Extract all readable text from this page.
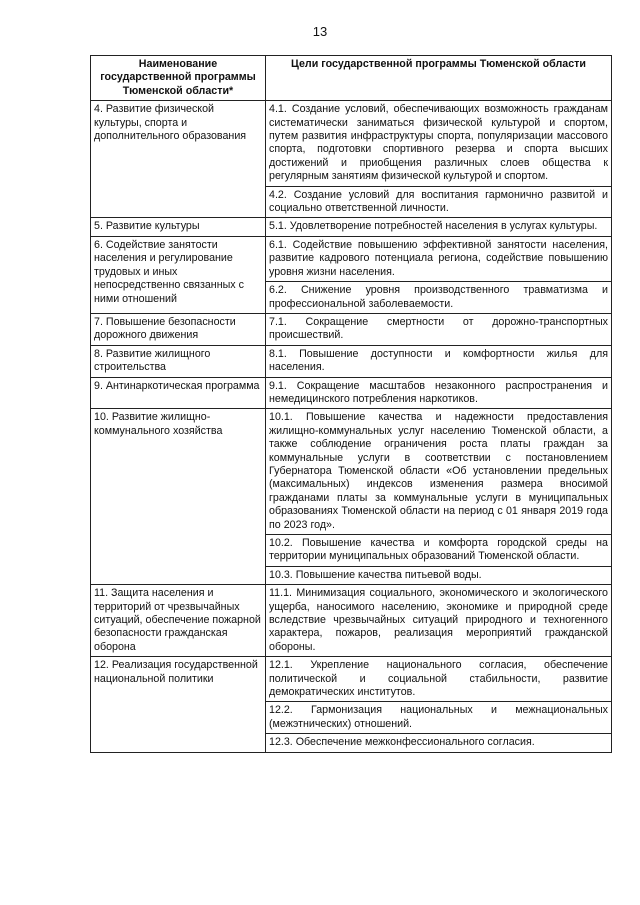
13
Наименование государственной программы Тюменской области*	Цели государственной программы Тюменской области
4. Развитие физической культуры, спорта и дополнительного образования	4.1. Создание условий, обеспечивающих возможность гражданам систематически заниматься физической культурой и спортом, путем развития инфраструктуры спорта, популяризации массового спорта, подготовки спортивного резерва и спорта высших достижений и приобщения различных слоев общества к регулярным занятиям физической культурой и спортом.
	4.2. Создание условий для воспитания гармонично развитой и социально ответственной личности.
5. Развитие культуры	5.1. Удовлетворение потребностей населения в услугах культуры.
6. Содействие занятости населения и регулирование трудовых и иных непосредственно связанных с ними отношений	6.1. Содействие повышению эффективной занятости населения, развитие кадрового потенциала региона, содействие повышению уровня жизни населения.
	6.2. Снижение уровня производственного травматизма и профессиональной заболеваемости.
7. Повышение безопасности дорожного движения	7.1. Сокращение смертности от дорожно-транспортных происшествий.
8. Развитие жилищного строительства	8.1. Повышение доступности и комфортности жилья для населения.
9. Антинаркотическая программа	9.1. Сокращение масштабов незаконного распространения и немедицинского потребления наркотиков.
10. Развитие жилищно-коммунального хозяйства	10.1. Повышение качества и надежности предоставления жилищно-коммунальных услуг населению Тюменской области, а также соблюдение ограничения роста платы граждан за коммунальные услуги в соответствии с постановлением Губернатора Тюменской области «Об установлении предельных (максимальных) индексов изменения размера вносимой гражданами платы за коммунальные услуги в муниципальных образованиях Тюменской области на период с 01 января 2019 года по 2023 год».
	10.2. Повышение качества и комфорта городской среды на территории муниципальных образований Тюменской области.
	10.3. Повышение качества питьевой воды.
11. Защита населения и территорий от чрезвычайных ситуаций, обеспечение пожарной безопасности гражданская оборона	11.1. Минимизация социального, экономического и экологического ущерба, наносимого населению, экономике и природной среде вследствие чрезвычайных ситуаций природного и техногенного характера, пожаров, реализация мероприятий гражданской обороны.
12. Реализация государственной национальной политики	12.1. Укрепление национального согласия, обеспечение политической и социальной стабильности, развитие демократических институтов.
	12.2. Гармонизация национальных и межнациональных (межэтнических) отношений.
	12.3. Обеспечение межконфессионального согласия.
